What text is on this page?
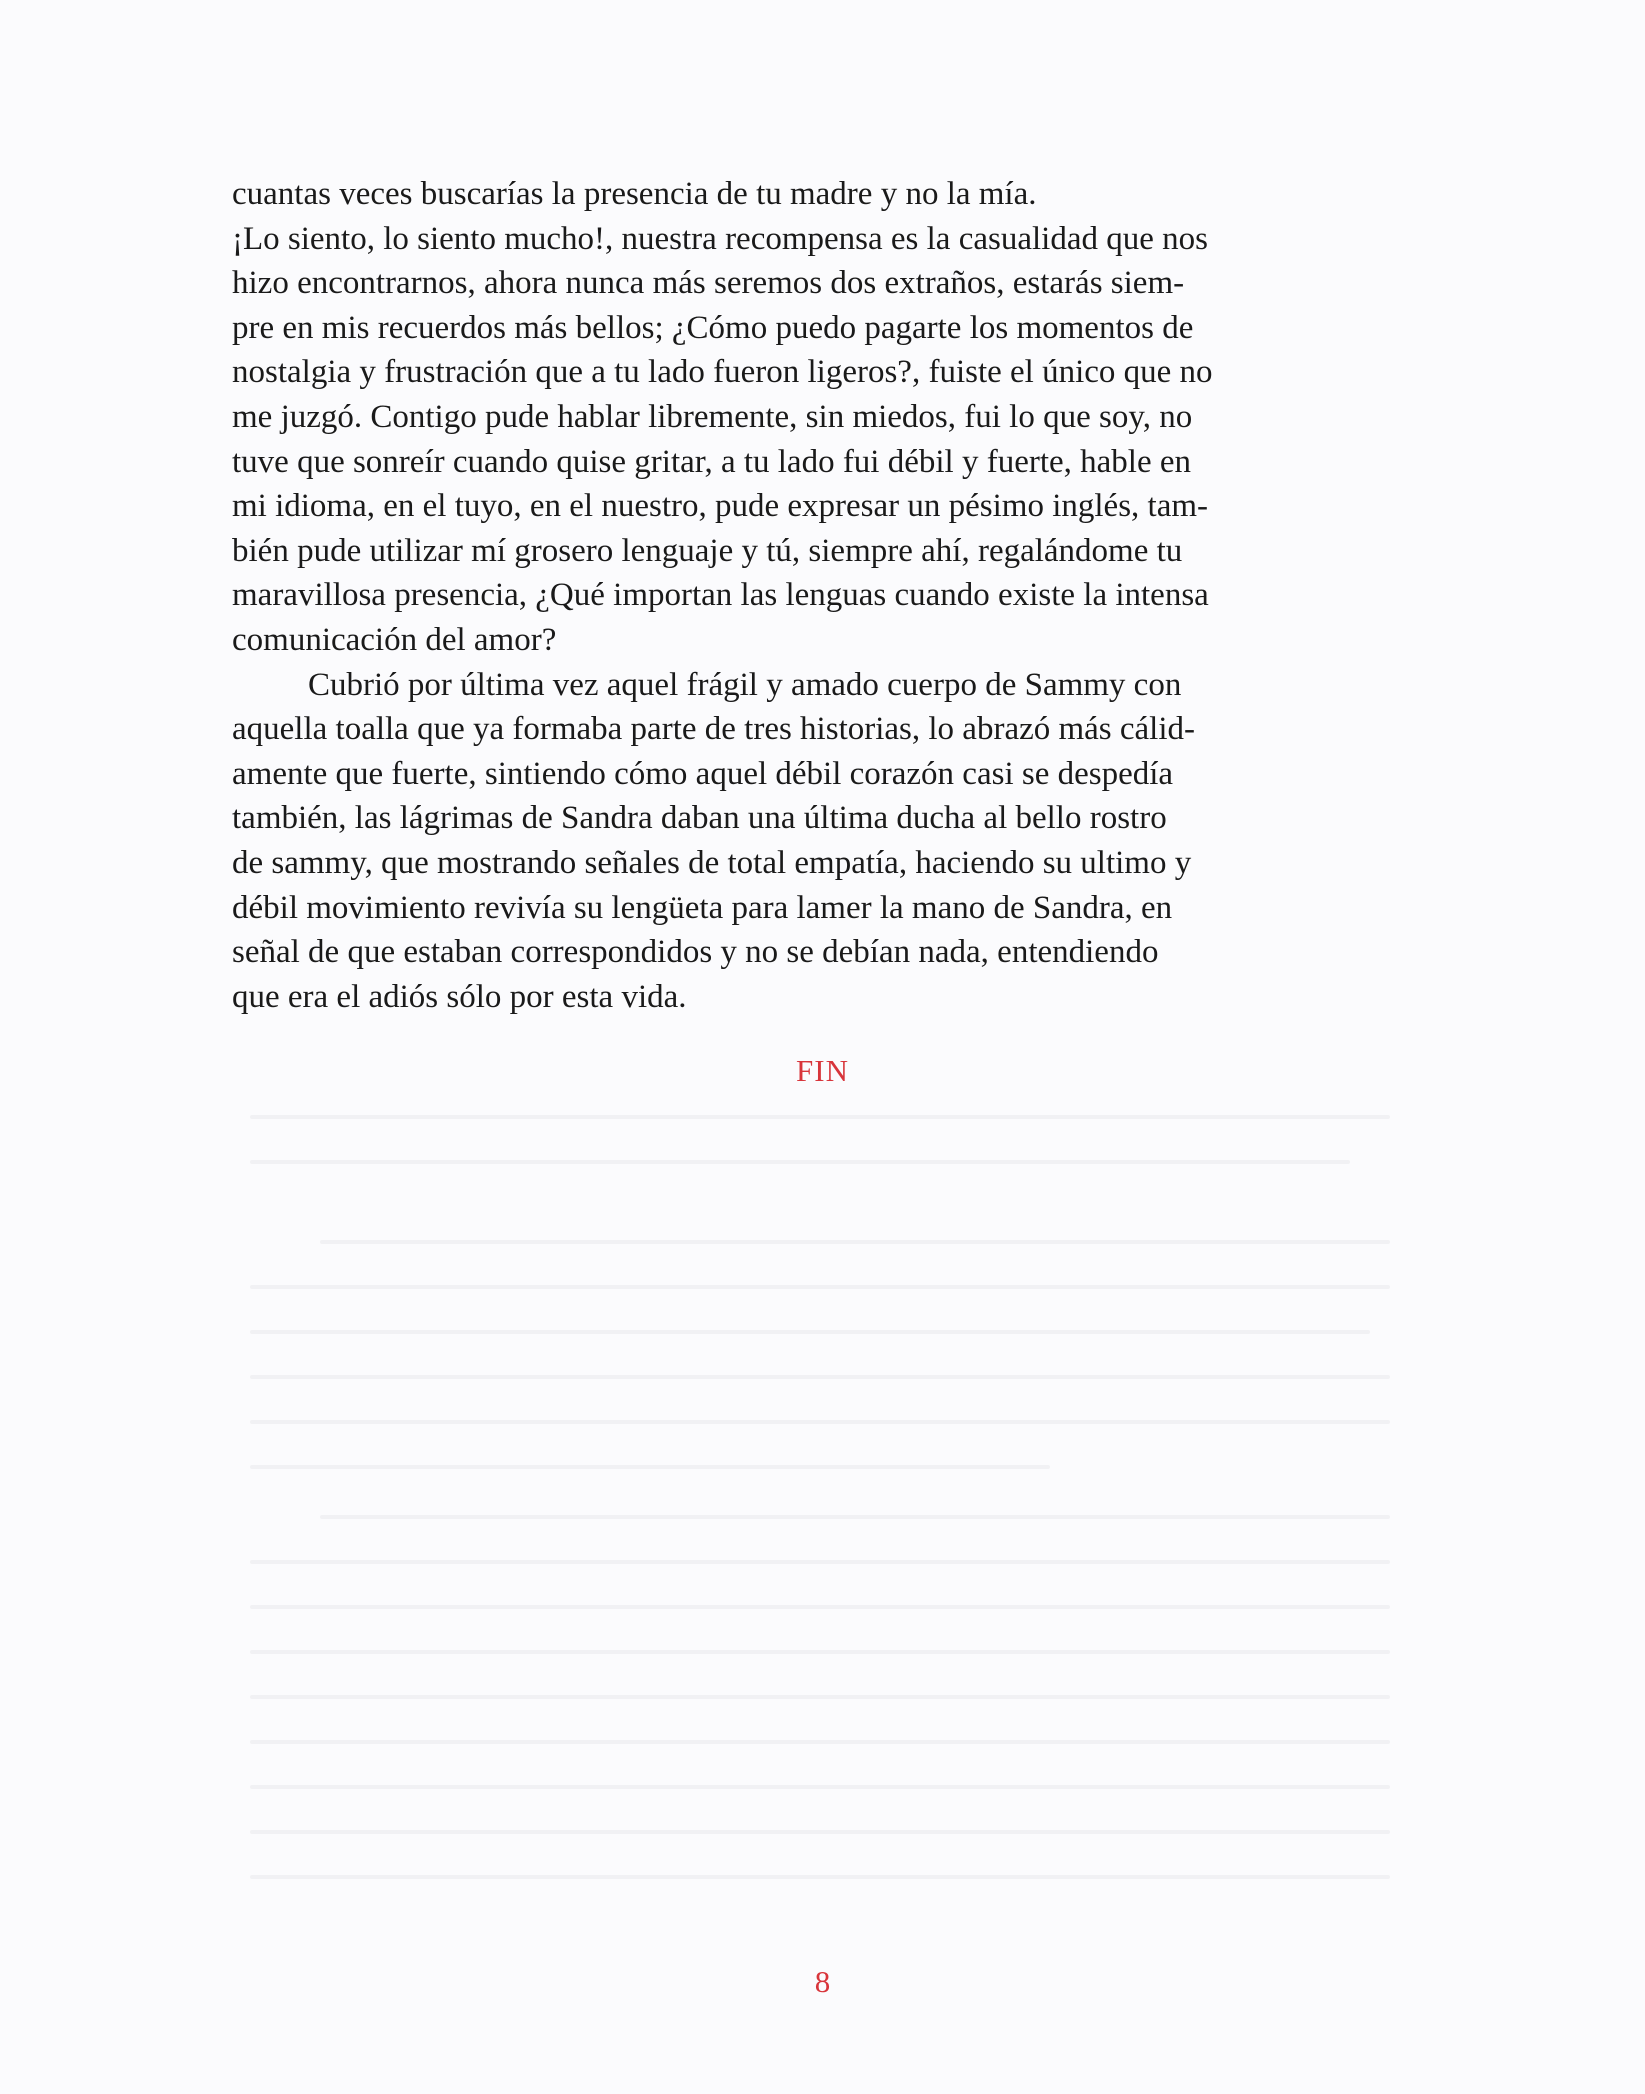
cuantas veces buscarías la presencia de tu madre y no la mía.
¡Lo siento, lo siento mucho!, nuestra recompensa es la casualidad que nos
hizo encontrarnos, ahora nunca más seremos dos extraños, estarás siem-
pre en mis recuerdos más bellos; ¿Cómo puedo pagarte los momentos de
nostalgia y frustración que a tu lado fueron ligeros?, fuiste el único que no
me juzgó. Contigo pude hablar libremente, sin miedos, fui lo que soy, no
tuve que sonreír cuando quise gritar, a tu lado fui débil y fuerte, hable en
mi idioma, en el tuyo, en el nuestro, pude expresar un pésimo inglés, tam-
bién pude utilizar mí grosero lenguaje y tú, siempre ahí, regalándome tu
maravillosa presencia, ¿Qué importan las lenguas cuando existe la intensa
comunicación del amor?
Cubrió por última vez aquel frágil y amado cuerpo de Sammy con
aquella toalla que ya formaba parte de tres historias, lo abrazó más cálid-
amente que fuerte, sintiendo cómo aquel débil corazón casi se despedía
también, las lágrimas de Sandra daban una última ducha al bello rostro
de sammy, que mostrando señales de total empatía, haciendo su ultimo y
débil movimiento revivía su lengüeta para lamer la mano de Sandra, en
señal de que estaban correspondidos y no se debían nada, entendiendo
que era el adiós sólo por esta vida.
FIN
8
